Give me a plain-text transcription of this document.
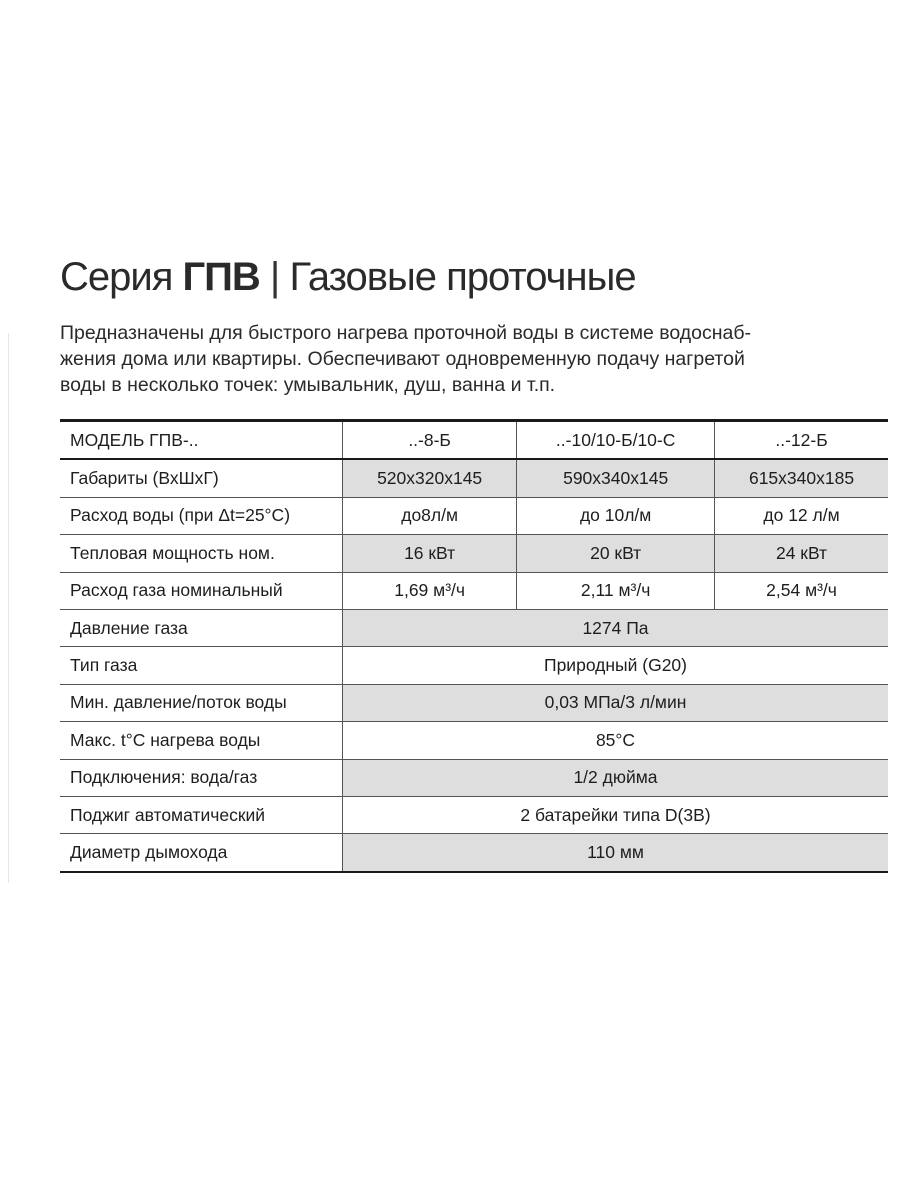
Серия ГПВ | Газовые проточные
Предназначены для быстрого нагрева проточной воды в системе водоснаб-
жения дома или квартиры. Обеспечивают одновременную подачу нагретой
воды в несколько точек: умывальник, душ, ванна и т.п.
МОДЕЛЬ ГПВ-..	..-8-Б	..-10/10-Б/10-С	..-12-Б
Габариты (ВхШхГ)	520х320х145	590х340х145	615х340х185
Расход воды (при Δt=25°C)	до8л/м	до 10л/м	до 12 л/м
Тепловая мощность ном.	16 кВт	20 кВт	24 кВт
Расход газа номинальный	1,69 м³/ч	2,11 м³/ч	2,54 м³/ч
Давление газа	1274 Па		
Тип газа	Природный (G20)		
Мин. давление/поток воды	0,03 МПа/3 л/мин		
Макс. t°C нагрева воды	85°C		
Подключения: вода/газ	1/2 дюйма		
Поджиг автоматический	2 батарейки типа D(3В)		
Диаметр дымохода	110 мм		
